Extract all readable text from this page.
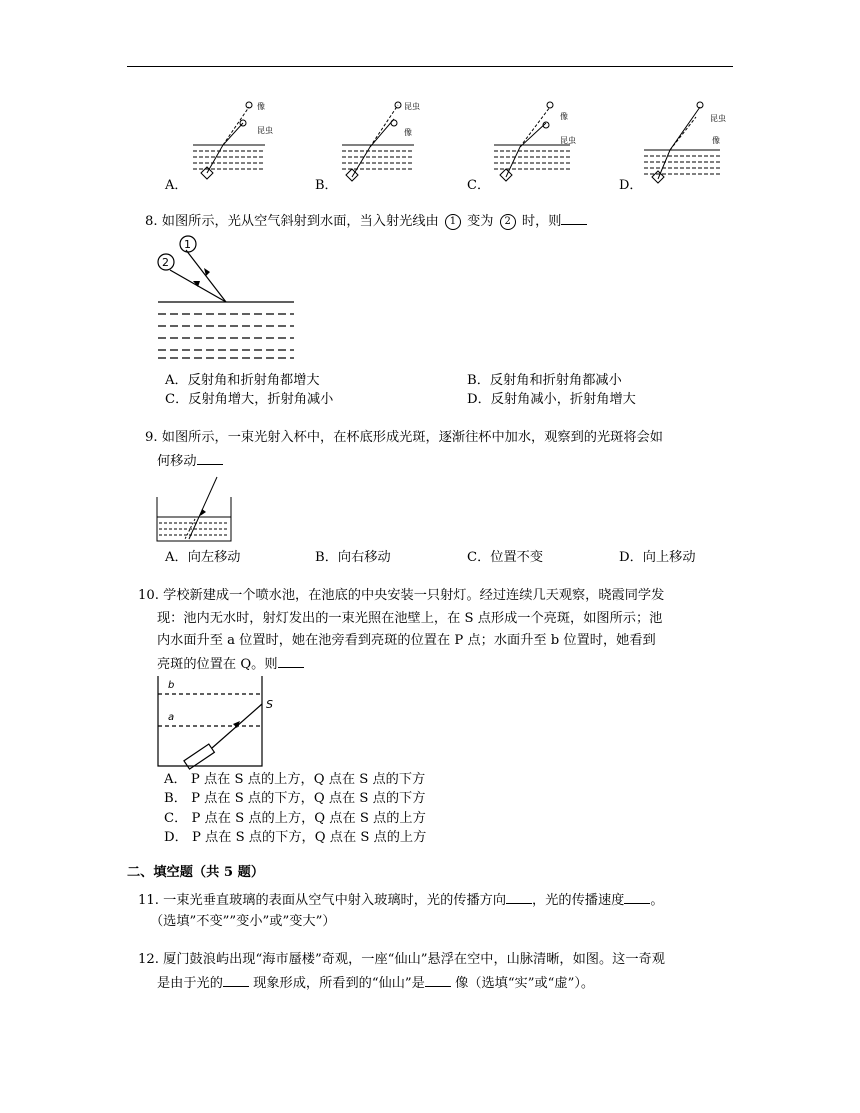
像
昆虫
昆虫
像
像
昆虫
昆虫
像
A．	B．	C．	D．
8. 如图所示，光从空气斜射到水面，当入射光线由 1 变为 2 时，则
1
2
A．反射角和折射角都增大	B．反射角和折射角都减小
C．反射角增大，折射角减小	D．反射角减小，折射角增大
9. 如图所示，一束光射入杯中，在杯底形成光斑，逐渐往杯中加水，观察到的光斑将会如
何移动
A．向左移动	B．向右移动	C．位置不变	D．向上移动
10. 学校新建成一个喷水池，在池底的中央安装一只射灯。经过连续几天观察，晓霞同学发
现：池内无水时，射灯发出的一束光照在池壁上，在 S 点形成一个亮斑，如图所示；池
内水面升至 a 位置时，她在池旁看到亮斑的位置在 P 点；水面升至 b 位置时，她看到
亮斑的位置在 Q。则
b
a
S
A． P 点在 S 点的上方，Q 点在 S 点的下方
B． P 点在 S 点的下方，Q 点在 S 点的下方
C． P 点在 S 点的上方，Q 点在 S 点的上方
D． P 点在 S 点的下方，Q 点在 S 点的上方
二、填空题（共 5 题）
11. 一束光垂直玻璃的表面从空气中射入玻璃时，光的传播方向 ，光的传播速度 。
（选填”不变””变小”或”变大”）
12. 厦门鼓浪屿出现“海市蜃楼”奇观，一座“仙山”悬浮在空中，山脉清晰，如图。这一奇观
是由于光的 现象形成，所看到的“仙山”是 像（选填“实”或“虚”）。
